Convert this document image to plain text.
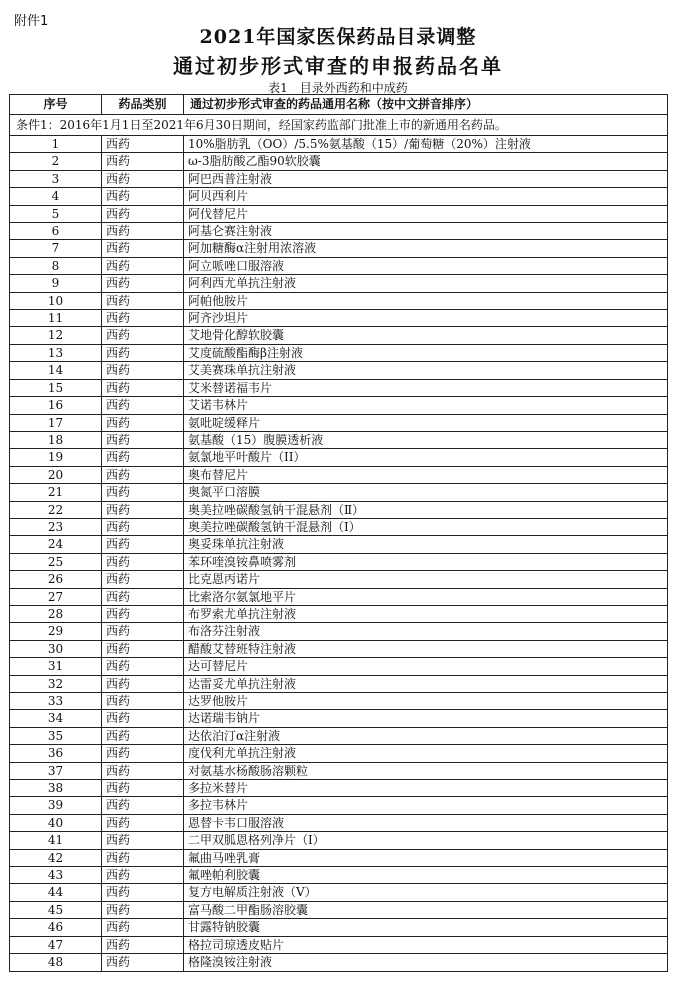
附件1
2021年国家医保药品目录调整
通过初步形式审查的申报药品名单
表1　目录外西药和中成药
序号	药品类别	通过初步形式审查的药品通用名称（按中文拼音排序）
条件1：2016年1月1日至2021年6月30日期间，经国家药监部门批准上市的新通用名药品。		
1	西药	10%脂肪乳（OO）/5.5%氨基酸（15）/葡萄糖（20%）注射液
2	西药	ω-3脂肪酸乙酯90软胶囊
3	西药	阿巴西普注射液
4	西药	阿贝西利片
5	西药	阿伐替尼片
6	西药	阿基仑赛注射液
7	西药	阿加糖酶α注射用浓溶液
8	西药	阿立哌唑口服溶液
9	西药	阿利西尤单抗注射液
10	西药	阿帕他胺片
11	西药	阿齐沙坦片
12	西药	艾地骨化醇软胶囊
13	西药	艾度硫酸酯酶β注射液
14	西药	艾美赛珠单抗注射液
15	西药	艾米替诺福韦片
16	西药	艾诺韦林片
17	西药	氨吡啶缓释片
18	西药	氨基酸（15）腹膜透析液
19	西药	氨氯地平叶酸片（II）
20	西药	奥布替尼片
21	西药	奥氮平口溶膜
22	西药	奥美拉唑碳酸氢钠干混悬剂（Ⅱ）
23	西药	奥美拉唑碳酸氢钠干混悬剂（Ⅰ）
24	西药	奥妥珠单抗注射液
25	西药	苯环喹溴铵鼻喷雾剂
26	西药	比克恩丙诺片
27	西药	比索洛尔氨氯地平片
28	西药	布罗索尤单抗注射液
29	西药	布洛芬注射液
30	西药	醋酸艾替班特注射液
31	西药	达可替尼片
32	西药	达雷妥尤单抗注射液
33	西药	达罗他胺片
34	西药	达诺瑞韦钠片
35	西药	达依泊汀α注射液
36	西药	度伐利尤单抗注射液
37	西药	对氨基水杨酸肠溶颗粒
38	西药	多拉米替片
39	西药	多拉韦林片
40	西药	恩替卡韦口服溶液
41	西药	二甲双胍恩格列净片（Ⅰ）
42	西药	氟曲马唑乳膏
43	西药	氟唑帕利胶囊
44	西药	复方电解质注射液（Ⅴ）
45	西药	富马酸二甲酯肠溶胶囊
46	西药	甘露特钠胶囊
47	西药	格拉司琼透皮贴片
48	西药	格隆溴铵注射液
